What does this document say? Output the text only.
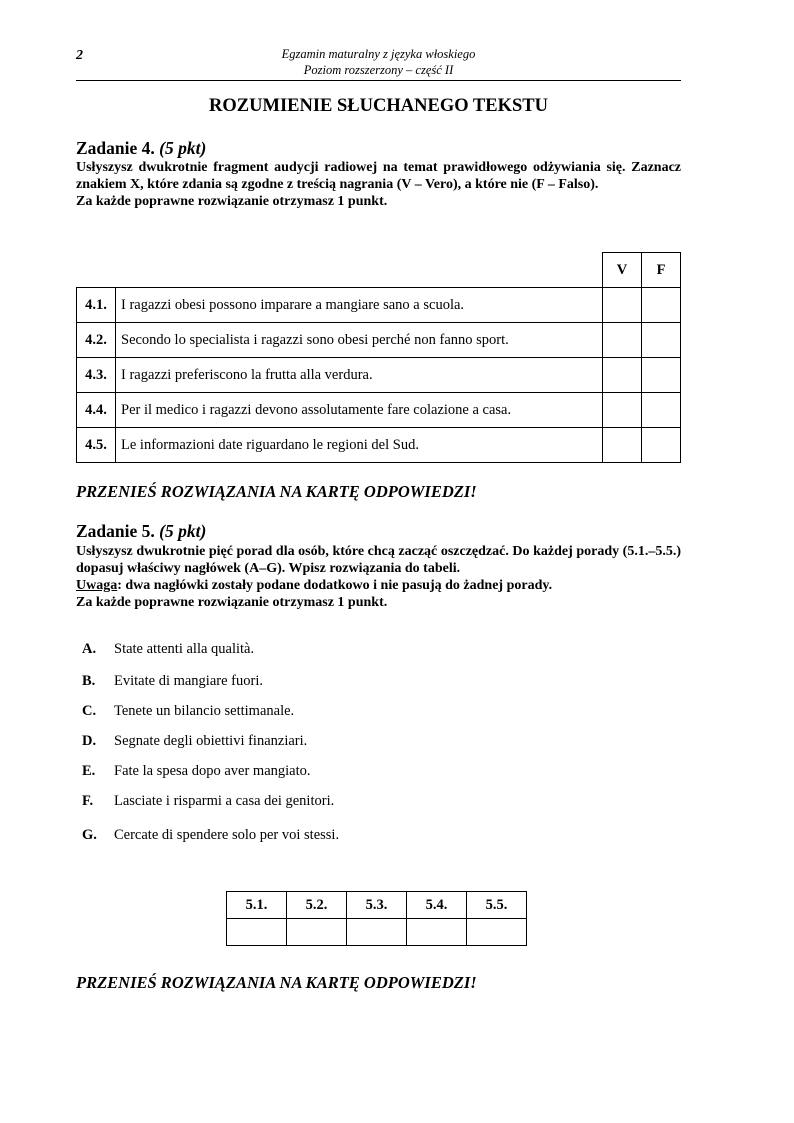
2	Egzamin maturalny z języka włoskiego
Poziom rozszerzony – część II
ROZUMIENIE SŁUCHANEGO TEKSTU
Zadanie 4. (5 pkt)

Usłyszysz dwukrotnie fragment audycji radiowej na temat prawidłowego odżywiania się. Zaznacz znakiem X, które zdania są zgodne z treścią nagrania (V – Vero), a które nie (F – Falso).

Za każde poprawne rozwiązanie otrzymasz 1 punkt.

		V	F
4.1.	I ragazzi obesi possono imparare a mangiare sano a scuola.		
4.2.	Secondo lo specialista i ragazzi sono obesi perché non fanno sport.		
4.3.	I ragazzi preferiscono la frutta alla verdura.		
4.4.	Per il medico i ragazzi devono assolutamente fare colazione a casa.		
4.5.	Le informazioni date riguardano le regioni del Sud.		
PRZENIEŚ ROZWIĄZANIA NA KARTĘ ODPOWIEDZI!
Zadanie 5. (5 pkt)

Usłyszysz dwukrotnie pięć porad dla osób, które chcą zacząć oszczędzać. Do każdej porady (5.1.–5.5.) dopasuj właściwy nagłówek (A–G). Wpisz rozwiązania do tabeli.

Uwaga: dwa nagłówki zostały podane dodatkowo i nie pasują do żadnej porady.

Za każde poprawne rozwiązanie otrzymasz 1 punkt.

A. State attenti alla qualità.
B. Evitate di mangiare fuori.
C. Tenete un bilancio settimanale.
D. Segnate degli obiettivi finanziari.
E. Fate la spesa dopo aver mangiato.
F. Lasciate i risparmi a casa dei genitori.
G. Cercate di spendere solo per voi stessi.
5.1.	5.2.	5.3.	5.4.	5.5.

PRZENIEŚ ROZWIĄZANIA NA KARTĘ ODPOWIEDZI!
